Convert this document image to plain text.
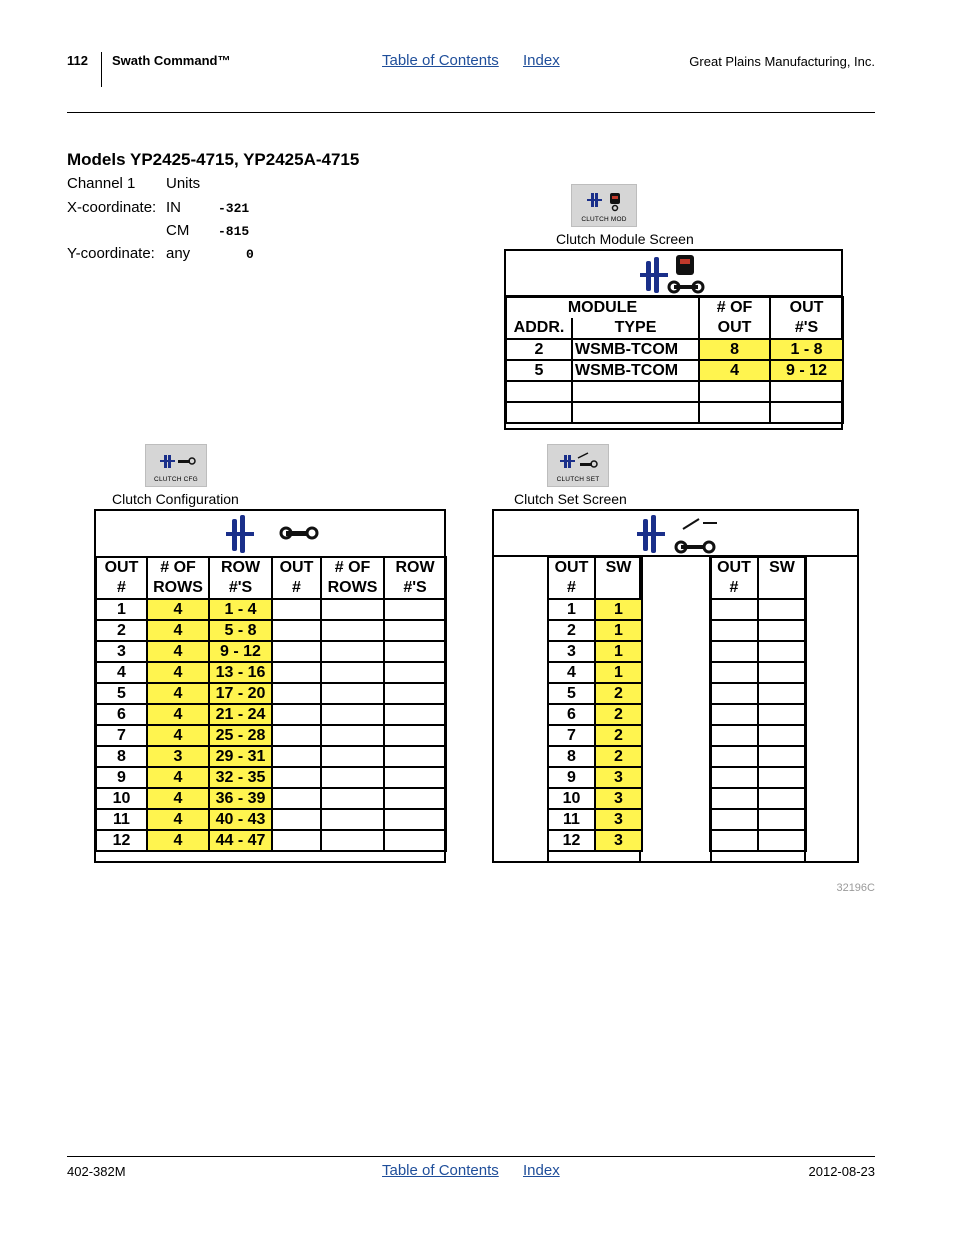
112 Swath Command™	Table of Contents Index	Great Plains Manufacturing, Inc.
Models YP2425-4715, YP2425A-4715
Channel 1 Units
X-coordinate: IN	-321
CM -815
Y-coordinate: any	0
CLUTCH MOD
Clutch Module Screen
MODULE		# OF	OUT
ADDR.	TYPE	OUT	#'S
2	WSMB-TCOM	8	1 - 8
5	WSMB-TCOM	4	9 - 12

CLUTCH CFG
Clutch Configuration
OUT	# OF	ROW	OUT	# OF	ROW
#	ROWS	#'S	#	ROWS	#'S
1	4	1 - 4			
2	4	5 - 8			
3	4	9 - 12			
4	4	13 - 16			
5	4	17 - 20			
6	4	21 - 24			
7	4	25 - 28			
8	3	29 - 31			
9	4	32 - 35			
10	4	36 - 39			
11	4	40 - 43			
12	4	44 - 47			
CLUTCH SET
Clutch Set Screen
OUT	SW
#	
1	1
2	1
3	1
4	1
5	2
6	2
7	2
8	2
9	3
10	3
11	3
12	3
OUT	SW
#	

32196C
402-382M	Table of Contents Index	2012-08-23
